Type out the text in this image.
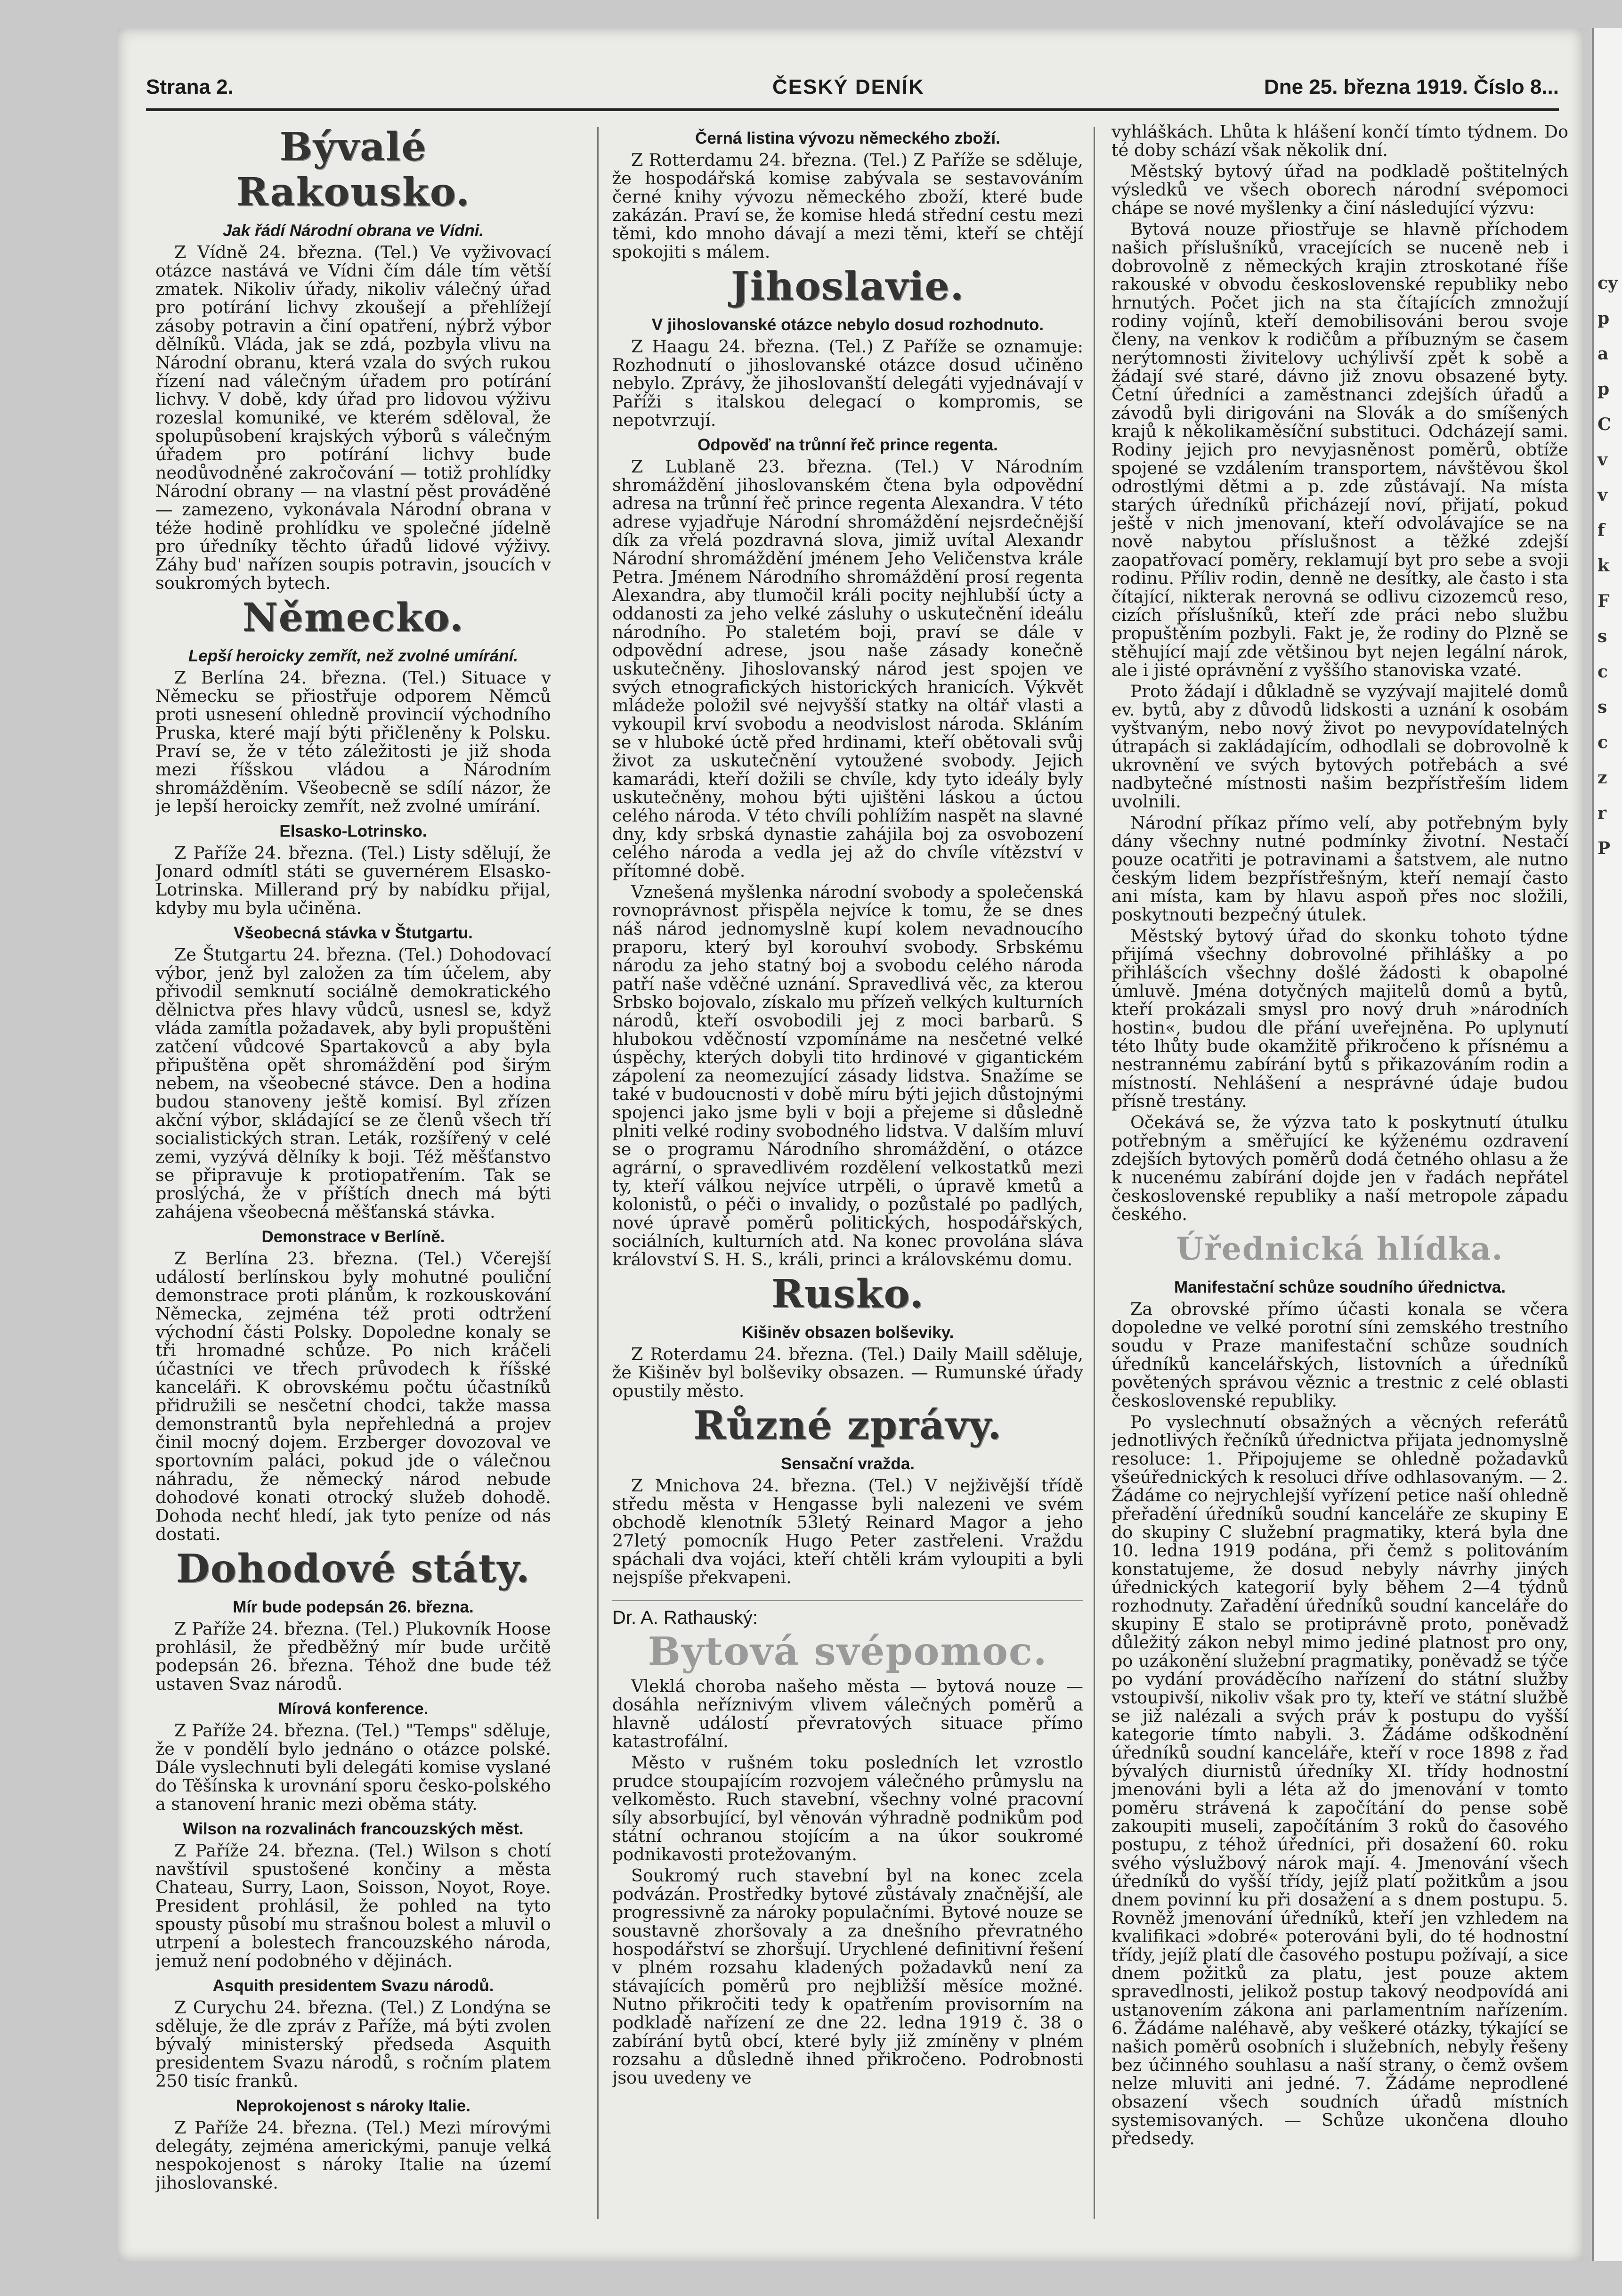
cy
p
a
p
C
v
v
f
k
F
s
c
s
c
z
r
P
Strana 2.	ČESKÝ DENÍK	Dne 25. března 1919. Číslo 8...
Bývalé Rakousko.
Jak řádí Národní obrana ve Vídni.

Z Vídně 24. března. (Tel.) Ve vyživovací otázce nastává ve Vídni čím dále tím větší zmatek. Nikoliv úřady, nikoliv válečný úřad pro potírání lichvy zkoušejí a přehlížejí zásoby potravin a činí opatření, nýbrž výbor dělníků. Vláda, jak se zdá, pozbyla vlivu na Národní obranu, která vzala do svých rukou řízení nad válečným úřadem pro potírání lichvy. V době, kdy úřad pro lidovou výživu rozeslal komuniké, ve kterém sděloval, že spolupůsobení krajských výborů s válečným úřadem pro potírání lichvy bude neodůvodněné zakročování — totiž prohlídky Národní obrany — na vlastní pěst prováděné — zamezeno, vykonávala Národní obrana v téže hodině prohlídku ve společné jídelně pro úředníky těchto úřadů lidové výživy. Záhy bud' nařízen soupis potravin, jsoucích v soukromých bytech.

Německo.
Lepší heroicky zemřít, než zvolné umírání.

Z Berlína 24. března. (Tel.) Situace v Německu se přiostřuje odporem Němců proti usnesení ohledně provincií východního Pruska, které mají býti přičleněny k Polsku. Praví se, že v této záležitosti je již shoda mezi říšskou vládou a Národním shromážděním. Všeobecně se sdílí názor, že je lepší heroicky zemřít, než zvolné umírání.

Elsasko-Lotrinsko.

Z Paříže 24. března. (Tel.) Listy sdělují, že Jonard odmítl státi se guvernérem Elsasko-Lotrinska. Millerand prý by nabídku přijal, kdyby mu byla učiněna.

Všeobecná stávka v Štutgartu.

Ze Štutgartu 24. března. (Tel.) Dohodovací výbor, jenž byl založen za tím účelem, aby přivodil semknutí sociálně demokratického dělnictva přes hlavy vůdců, usnesl se, když vláda zamítla požadavek, aby byli propuštěni zatčení vůdcové Spartakovců a aby byla připuštěna opět shromáždění pod širým nebem, na všeobecné stávce. Den a hodina budou stanoveny ještě komisí. Byl zřízen akční výbor, skládající se ze členů všech tří socialistických stran. Leták, rozšířený v celé zemi, vyzývá dělníky k boji. Též měšťanstvo se připravuje k protiopatřením. Tak se proslýchá, že v příštích dnech má býti zahájena všeobecná měšťanská stávka.

Demonstrace v Berlíně.

Z Berlína 23. března. (Tel.) Včerejší událostí berlínskou byly mohutné pouliční demonstrace proti plánům, k rozkouskování Německa, zejména též proti odtržení východní části Polsky. Dopoledne konaly se tři hromadné schůze. Po nich kráčeli účastníci ve třech průvodech k říšské kanceláři. K obrovskému počtu účastníků přidružili se nesčetní chodci, takže massa demonstrantů byla nepřehledná a projev činil mocný dojem. Erzberger dovozoval ve sportovním paláci, pokud jde o válečnou náhradu, že německý národ nebude dohodové konati otrocký služeb dohodě. Dohoda nechť hledí, jak tyto peníze od nás dostati.

Dohodové státy.
Mír bude podepsán 26. března.

Z Paříže 24. března. (Tel.) Plukovník Hoose prohlásil, že předběžný mír bude určitě podepsán 26. března. Téhož dne bude též ustaven Svaz národů.

Mírová konference.

Z Paříže 24. března. (Tel.) "Temps" sděluje, že v pondělí bylo jednáno o otázce polské. Dále vyslechnuti byli delegáti komise vyslané do Těšínska k urovnání sporu česko-polského a stanovení hranic mezi oběma státy.

Wilson na rozvalinách francouzských měst.

Z Paříže 24. března. (Tel.) Wilson s chotí navštívil spustošené končiny a města Chateau, Surry, Laon, Soisson, Noyot, Roye. President prohlásil, že pohled na tyto spousty působí mu strašnou bolest a mluvil o utrpení a bolestech francouzského národa, jemuž není podobného v dějinách.

Asquith presidentem Svazu národů.

Z Curychu 24. března. (Tel.) Z Londýna se sděluje, že dle zpráv z Paříže, má býti zvolen bývalý ministerský předseda Asquith presidentem Svazu národů, s ročním platem 250 tisíc franků.

Neprokojenost s nároky Italie.

Z Paříže 24. března. (Tel.) Mezi mírovými delegáty, zejména americkými, panuje velká nespokojenost s nároky Italie na území jihoslovanské.

Černá listina vývozu německého zboží.

Z Rotterdamu 24. března. (Tel.) Z Paříže se sděluje, že hospodářská komise zabývala se sestavováním černé knihy vývozu německého zboží, které bude zakázán. Praví se, že komise hledá střední cestu mezi těmi, kdo mnoho dávají a mezi těmi, kteří se chtějí spokojiti s málem.

Jihoslavie.
V jihoslovanské otázce nebylo dosud rozhodnuto.

Z Haagu 24. března. (Tel.) Z Paříže se oznamuje: Rozhodnutí o jihoslovanské otázce dosud učiněno nebylo. Zprávy, že jihoslovanští delegáti vyjednávají v Paříži s italskou delegací o kompromis, se nepotvrzují.

Odpověď na trůnní řeč prince regenta.

Z Lublaně 23. března. (Tel.) V Národním shromáždění jihoslovanském čtena byla odpovědní adresa na trůnní řeč prince regenta Alexandra. V této adrese vyjadřuje Národní shromáždění nejsrdečnější dík za vřelá pozdravná slova, jimiž uvítal Alexandr Národní shromáždění jménem Jeho Veličenstva krále Petra. Jménem Národního shromáždění prosí regenta Alexandra, aby tlumočil králi pocity nejhlubší úcty a oddanosti za jeho velké zásluhy o uskutečnění ideálu národního. Po staletém boji, praví se dále v odpovědní adrese, jsou naše zásady konečně uskutečněny. Jihoslovanský národ jest spojen ve svých etnografických historických hranicích. Výkvět mládeže položil své nejvyšší statky na oltář vlasti a vykoupil krví svobodu a neodvislost národa. Skláním se v hluboké úctě před hrdinami, kteří obětovali svůj život za uskutečnění vytoužené svobody. Jejich kamarádi, kteří dožili se chvíle, kdy tyto ideály byly uskutečněny, mohou býti ujištěni láskou a úctou celého národa. V této chvíli pohlížím naspět na slavné dny, kdy srbská dynastie zahájila boj za osvobození celého národa a vedla jej až do chvíle vítězství v přítomné době.

Vznešená myšlenka národní svobody a společenská rovnoprávnost přispěla nejvíce k tomu, že se dnes náš národ jednomyslně kupí kolem nevadnoucího praporu, který byl korouhví svobody. Srbskému národu za jeho statný boj a svobodu celého národa patří naše vděčné uznání. Spravedlivá věc, za kterou Srbsko bojovalo, získalo mu přízeň velkých kulturních národů, kteří osvobodili jej z moci barbarů. S hlubokou vděčností vzpomínáme na nesčetné velké úspěchy, kterých dobyli tito hrdinové v gigantickém zápolení za neomezující zásady lidstva. Snažíme se také v budoucnosti v době míru býti jejich důstojnými spojenci jako jsme byli v boji a přejeme si důsledně plniti velké rodiny svobodného lidstva. V dalším mluví se o programu Národního shromáždění, o otázce agrární, o spravedlivém rozdělení velkostatků mezi ty, kteří válkou nejvíce utrpěli, o úpravě kmetů a kolonistů, o péči o invalidy, o pozůstalé po padlých, nové úpravě poměrů politických, hospodářských, sociálních, kulturních atd. Na konec provolána sláva království S. H. S., králi, princi a královskému domu.

Rusko.
Kišiněv obsazen bolševiky.

Z Roterdamu 24. března. (Tel.) Daily Maill sděluje, že Kišiněv byl bolševiky obsazen. — Rumunské úřady opustily město.

Různé zprávy.
Sensační vražda.

Z Mnichova 24. března. (Tel.) V nejživější třídě středu města v Hengasse byli nalezeni ve svém obchodě klenotník 53letý Reinard Magor a jeho 27letý pomocník Hugo Peter zastřeleni. Vraždu spáchali dva vojáci, kteří chtěli krám vyloupiti a byli nejspíše překvapeni.

Dr. A. Rathauský:
Bytová svépomoc.

Vleklá choroba našeho města — bytová nouze — dosáhla neříznivým vlivem válečných poměrů a hlavně událostí převratových situace přímo katastrofální.

Město v rušném toku posledních let vzrostlo prudce stoupajícím rozvojem válečného průmyslu na velkoměsto. Ruch stavební, všechny volné pracovní síly absorbující, byl věnován výhradně podnikům pod státní ochranou stojícím a na úkor soukromé podnikavosti protežovaným.

Soukromý ruch stavební byl na konec zcela podvázán. Prostředky bytové zůstávaly značnější, ale progressivně za nároky populačními. Bytové nouze se soustavně zhoršovaly a za dnešního převratného hospodářství se zhoršují. Urychlené definitivní řešení v plném rozsahu kladených požadavků není za stávajících poměrů pro nejbližší měsíce možné. Nutno přikročiti tedy k opatřením provisorním na podkladě nařízení ze dne 22. ledna 1919 č. 38 o zabírání bytů obcí, které byly již zmíněny v plném rozsahu a důsledně ihned přikročeno. Podrobnosti jsou uvedeny ve

vyhláškách. Lhůta k hlášení končí tímto týdnem. Do té doby schází však několik dní.

Městský bytový úřad na podkladě poštitelných výsledků ve všech oborech národní svépomoci chápe se nové myšlenky a činí následující výzvu:

Bytová nouze přiostřuje se hlavně příchodem našich příslušníků, vracejících se nuceně neb i dobrovolně z německých krajin ztroskotané říše rakouské v obvodu československé republiky nebo hrnutých. Počet jich na sta čítajících zmnožují rodiny vojínů, kteří demobilisováni berou svoje členy, na venkov k rodičům a příbuzným se časem nerýtomnosti živitelovy uchýlivší zpět k sobě a žádají své staré, dávno již znovu obsazené byty. Četní úředníci a zaměstnanci zdejších úřadů a závodů byli dirigováni na Slovák a do smíšených krajů k několikaměsíční substituci. Odcházejí sami. Rodiny jejich pro nevyjasněnost poměrů, obtíže spojené se vzdálením transportem, návštěvou škol odrostlými dětmi a p. zde zůstávají. Na místa starých úředníků přicházejí noví, přijatí, pokud ještě v nich jmenovaní, kteří odvolávajíce se na nově nabytou příslušnost a těžké zdejší zaopatřovací poměry, reklamují byt pro sebe a svoji rodinu. Příliv rodin, denně ne desítky, ale často i sta čítající, nikterak nerovná se odlivu cizozemců reso, cizích příslušníků, kteří zde práci nebo službu propuštěním pozbyli. Fakt je, že rodiny do Plzně se stěhující mají zde většinou byt nejen legální nárok, ale i jisté oprávnění z vyššího stanoviska vzaté.

Proto žádají i důkladně se vyzývají majitelé domů ev. bytů, aby z důvodů lidskosti a uznání k osobám vyštvaným, nebo nový život po nevypovídatelných útrapách si zakládajícím, odhodlali se dobrovolně k ukrovnění ve svých bytových potřebách a své nadbytečné místnosti našim bezpřístřeším lidem uvolnili.

Národní příkaz přímo velí, aby potřebným byly dány všechny nutné podmínky životní. Nestačí pouze ocatřiti je potravinami a šatstvem, ale nutno českým lidem bezpřístřešným, kteří nemají často ani místa, kam by hlavu aspoň přes noc složili, poskytnouti bezpečný útulek.

Městský bytový úřad do skonku tohoto týdne přijímá všechny dobrovolné přihlášky a po přihlášcích všechny došlé žádosti k obapolné úmluvě. Jména dotyčných majitelů domů a bytů, kteří prokázali smysl pro nový druh »národních hostin«, budou dle přání uveřejněna. Po uplynutí této lhůty bude okamžitě přikročeno k přísnému a nestrannému zabírání bytů s přikazováním rodin a místností. Nehlášení a nesprávné údaje budou přísně trestány.

Očekává se, že výzva tato k poskytnutí útulku potřebným a směřující ke kýženému ozdravení zdejších bytových poměrů dodá četného ohlasu a že k nucenému zabírání dojde jen v řadách nepřátel československé republiky a naší metropole západu českého.

Úřednická hlídka.
Manifestační schůze soudního úřednictva.

Za obrovské přímo účasti konala se včera dopoledne ve velké porotní síni zemského trestního soudu v Praze manifestační schůze soudních úředníků kancelářských, listovních a úředníků povětených správou věznic a trestnic z celé oblasti československé republiky.

Po vyslechnutí obsažných a věcných referátů jednotlivých řečníků úřednictva přijata jednomyslně resoluce: 1. Připojujeme se ohledně požadavků všeúřednických k resoluci dříve odhlasovaným. — 2. Žádáme co nejrychlejší vyřízení petice naší ohledně přeřadění úředníků soudní kanceláře ze skupiny E do skupiny C služební pragmatiky, která byla dne 10. ledna 1919 podána, při čemž s politováním konstatujeme, že dosud nebyly návrhy jiných úřednických kategorií byly během 2—4 týdnů rozhodnuty. Zařadění úředníků soudní kanceláře do skupiny E stalo se protiprávně proto, poněvadž důležitý zákon nebyl mimo jediné platnost pro ony, po uzákonění služební pragmatiky, poněvadž se týče po vydání prováděcího nařízení do státní služby vstoupivší, nikoliv však pro ty, kteří ve státní službě se již nalézali a svých práv k postupu do vyšší kategorie tímto nabyli. 3. Žádáme odškodnění úředníků soudní kanceláře, kteří v roce 1898 z řad bývalých diurnistů úředníky XI. třídy hodnostní jmenováni byli a léta až do jmenování v tomto poměru strávená k započítání do pense sobě zakoupiti museli, započítáním 3 roků do časového postupu, z téhož úředníci, při dosažení 60. roku svého výslužbový nárok mají. 4. Jmenování všech úředníků do vyšší třídy, jejíž platí požitkům a jsou dnem povinní ku při dosažení a s dnem postupu. 5. Rovněž jmenování úředníků, kteří jen vzhledem na kvalifikaci »dobré« poterováni byli, do té hodnostní třídy, jejíž platí dle časového postupu požívají, a sice dnem požitků za platu, jest pouze aktem spravedlnosti, jelikož postup takový neodpovídá ani ustanovením zákona ani parlamentním nařízením. 6. Žádáme naléhavě, aby veškeré otázky, týkající se našich poměrů osobních i služebních, nebyly řešeny bez účinného souhlasu a naší strany, o čemž ovšem nelze mluviti ani jedné. 7. Žádáme neprodlené obsazení všech soudních úřadů místních systemisovaných. — Schůze ukončena dlouho předsedy.
